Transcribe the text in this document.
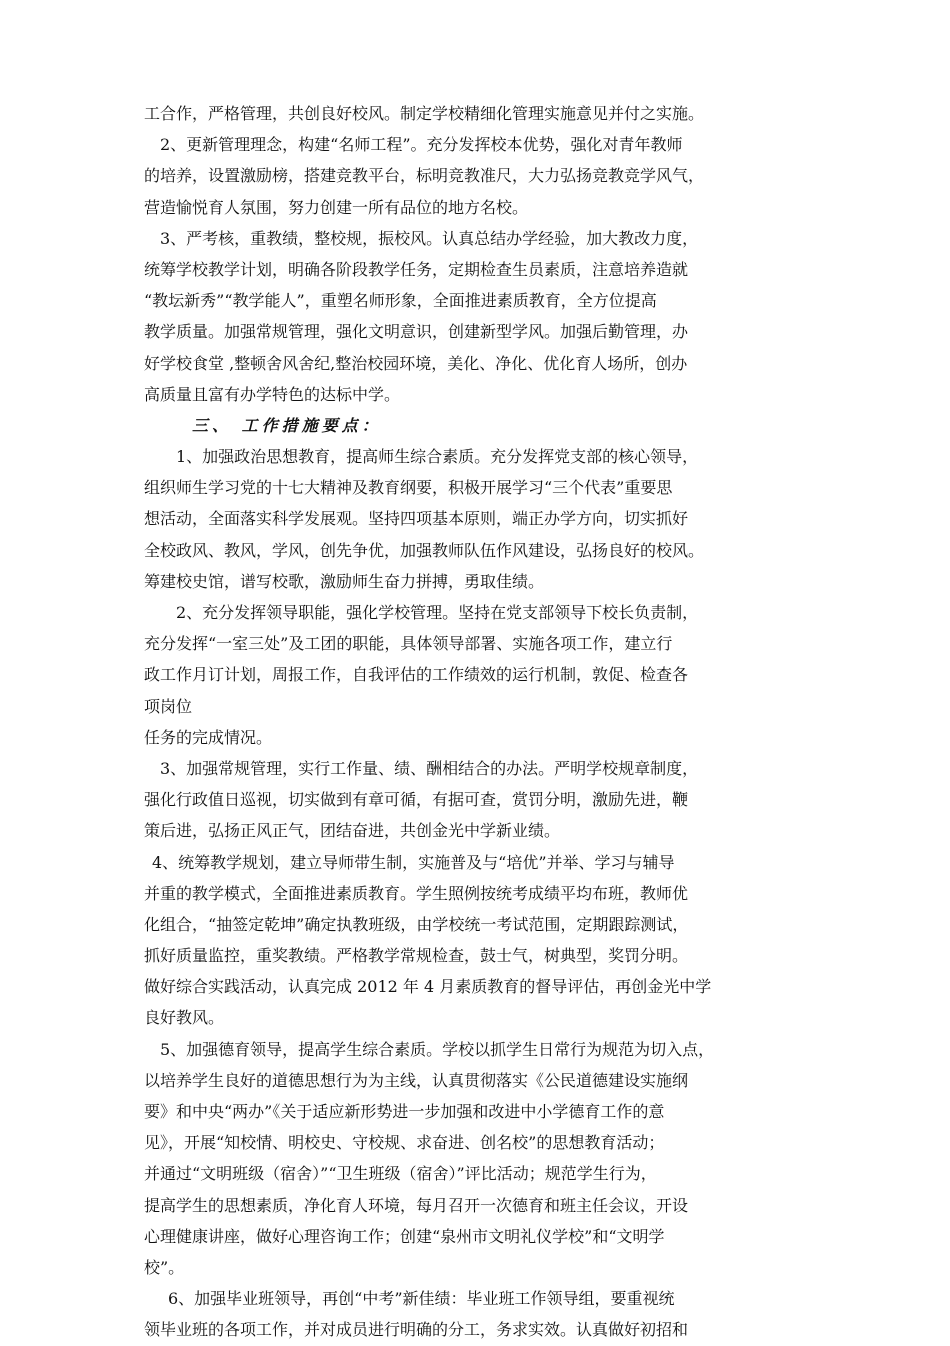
工合作，严格管理，共创良好校风。制定学校精细化管理实施意见并付之实施。
2、更新管理理念，构建“名师工程”。充分发挥校本优势，强化对青年教师
的培养，设置激励榜，搭建竞教平台，标明竞教准尺，大力弘扬竞教竞学风气，
营造愉悦育人氛围，努力创建一所有品位的地方名校。
3、严考核，重教绩，整校规，振校风。认真总结办学经验，加大教改力度，
统筹学校教学计划，明确各阶段教学任务，定期检查生员素质，注意培养造就
“教坛新秀”“教学能人”，重塑名师形象，全面推进素质教育，全方位提高
教学质量。加强常规管理，强化文明意识，创建新型学风。加强后勤管理，办
好学校食堂 ,整顿舍风舍纪,整治校园环境，美化、净化、优化育人场所，创办
高质量且富有办学特色的达标中学。
三、 工作措施要点：
1、加强政治思想教育，提高师生综合素质。充分发挥党支部的核心领导，
组织师生学习党的十七大精神及教育纲要，积极开展学习“三个代表”重要思
想活动，全面落实科学发展观。坚持四项基本原则，端正办学方向，切实抓好
全校政风、教风，学风，创先争优，加强教师队伍作风建设，弘扬良好的校风。
筹建校史馆，谱写校歌，激励师生奋力拼搏，勇取佳绩。
2、充分发挥领导职能，强化学校管理。坚持在党支部领导下校长负责制，
充分发挥“一室三处”及工团的职能，具体领导部署、实施各项工作，建立行
政工作月订计划，周报工作，自我评估的工作绩效的运行机制，敦促、检查各
项岗位
任务的完成情况。
3、加强常规管理，实行工作量、绩、酬相结合的办法。严明学校规章制度，
强化行政值日巡视，切实做到有章可循，有据可查，赏罚分明，激励先进，鞭
策后进，弘扬正风正气，团结奋进，共创金光中学新业绩。
4、统筹教学规划，建立导师带生制，实施普及与“培优”并举、学习与辅导
并重的教学模式，全面推进素质教育。学生照例按统考成绩平均布班，教师优
化组合，“抽签定乾坤”确定执教班级，由学校统一考试范围，定期跟踪测试，
抓好质量监控，重奖教绩。严格教学常规检查，鼓士气，树典型，奖罚分明。
做好综合实践活动，认真完成 2012 年 4 月素质教育的督导评估，再创金光中学
良好教风。
5、加强德育领导，提高学生综合素质。学校以抓学生日常行为规范为切入点，
以培养学生良好的道德思想行为为主线，认真贯彻落实《公民道德建设实施纲
要》和中央“两办”《关于适应新形势进一步加强和改进中小学德育工作的意
见》，开展“知校情、明校史、守校规、求奋进、创名校”的思想教育活动；
并通过“文明班级（宿舍）”“卫生班级（宿舍）”评比活动；规范学生行为，
提高学生的思想素质，净化育人环境，每月召开一次德育和班主任会议，开设
心理健康讲座，做好心理咨询工作；创建“泉州市文明礼仪学校”和“文明学
校”。
6、加强毕业班领导，再创“中考”新佳绩：毕业班工作领导组，要重视统
领毕业班的各项工作，并对成员进行明确的分工，务求实效。认真做好初招和
